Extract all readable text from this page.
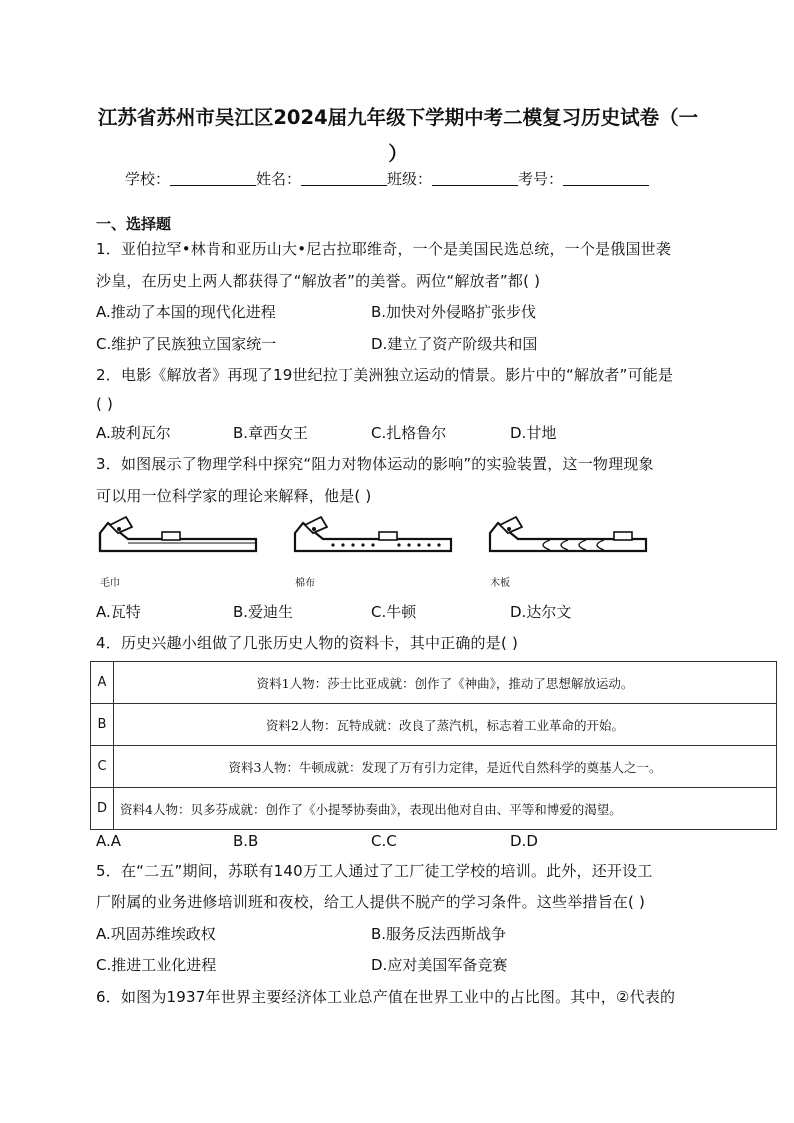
江苏省苏州市吴江区2024届九年级下学期中考二模复习历史试卷（一
）
学校：	姓名：	班级：	考号：
一、选择题
1．亚伯拉罕•林肯和亚历山大•尼古拉耶维奇，一个是美国民选总统，一个是俄国世袭
沙皇，在历史上两人都获得了“解放者”的美誉。两位“解放者”都( )
A.推动了本国的现代化进程	B.加快对外侵略扩张步伐
C.维护了民族独立国家统一	D.建立了资产阶级共和国
2．电影《解放者》再现了19世纪拉丁美洲独立运动的情景。影片中的“解放者”可能是
( )
A.玻利瓦尔	B.章西女王	C.扎格鲁尔	D.甘地
3．如图展示了物理学科中探究“阻力对物体运动的影响”的实验装置，这一物理现象
可以用一位科学家的理论来解释，他是( )
毛巾	棉布	木板
A.瓦特	B.爱迪生	C.牛顿	D.达尔文
4．历史兴趣小组做了几张历史人物的资料卡，其中正确的是( )
A	资料1人物：莎士比亚成就：创作了《神曲》，推动了思想解放运动。
B	资料2人物：瓦特成就：改良了蒸汽机，标志着工业革命的开始。
C	资料3人物：牛顿成就：发现了万有引力定律，是近代自然科学的奠基人之一。
D	资料4人物：贝多芬成就：创作了《小提琴协奏曲》，表现出他对自由、平等和博爱的渴望。
A.A	B.B	C.C	D.D
5．在“二五”期间，苏联有140万工人通过了工厂徒工学校的培训。此外，还开设工
厂附属的业务进修培训班和夜校，给工人提供不脱产的学习条件。这些举措旨在( )
A.巩固苏维埃政权	B.服务反法西斯战争
C.推进工业化进程	D.应对美国军备竞赛
6．如图为1937年世界主要经济体工业总产值在世界工业中的占比图。其中，②代表的
